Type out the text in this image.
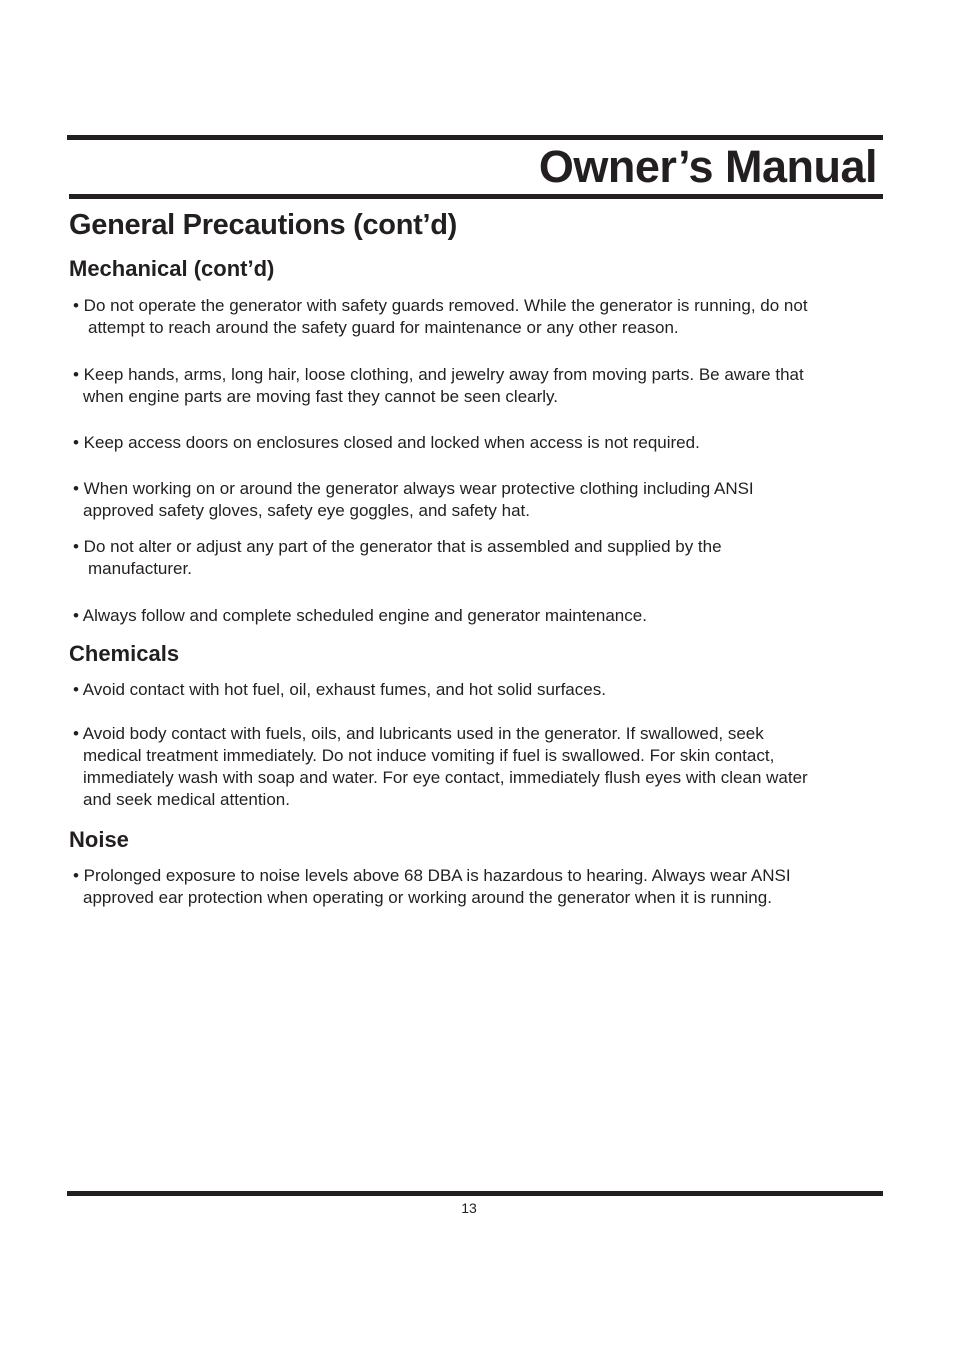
Owner’s Manual
General Precautions (cont’d)
Mechanical (cont’d)

• Do not operate the generator with safety guards removed. While the generator is running, do not
attempt to reach around the safety guard for maintenance or any other reason.

• Keep hands, arms, long hair, loose clothing, and jewelry away from moving parts. Be aware that
when engine parts are moving fast they cannot be seen clearly.

• Keep access doors on enclosures closed and locked when access is not required.

• When working on or around the generator always wear protective clothing including ANSI
approved safety gloves, safety eye goggles, and safety hat.

• Do not alter or adjust any part of the generator that is assembled and supplied by the
manufacturer.

• Always follow and complete scheduled engine and generator maintenance.

Chemicals

• Avoid contact with hot fuel, oil, exhaust fumes, and hot solid surfaces.

• Avoid body contact with fuels, oils, and lubricants used in the generator. If swallowed, seek
medical treatment immediately. Do not induce vomiting if fuel is swallowed. For skin contact,
immediately wash with soap and water. For eye contact, immediately flush eyes with clean water
and seek medical attention.

Noise

• Prolonged exposure to noise levels above 68 DBA is hazardous to hearing. Always wear ANSI
approved ear protection when operating or working around the generator when it is running.

13
